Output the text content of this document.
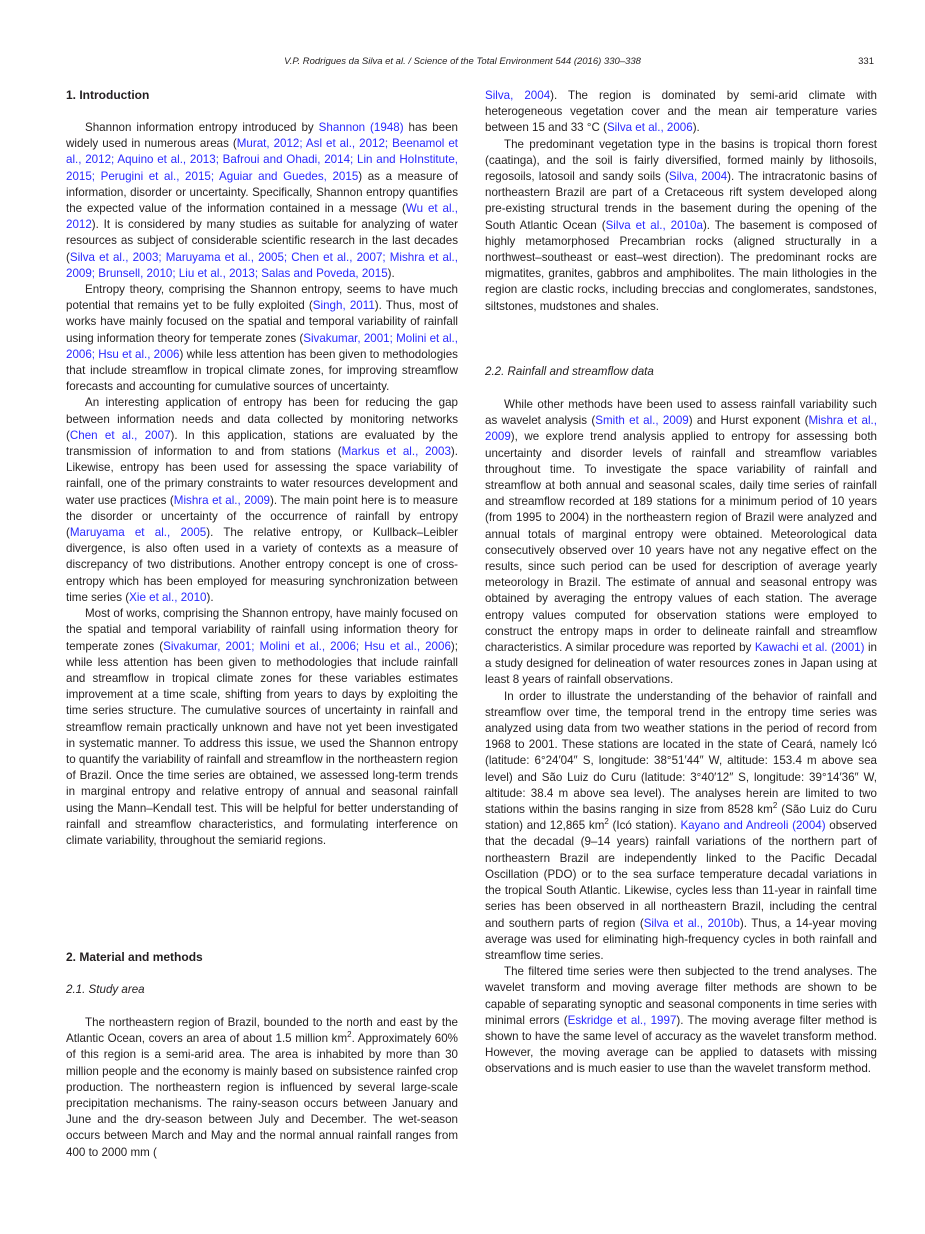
V.P. Rodrigues da Silva et al. / Science of the Total Environment 544 (2016) 330–338	331
1. Introduction

Shannon information entropy introduced by Shannon (1948) has been widely used in numerous areas (Murat, 2012; Asl et al., 2012; Beenamol et al., 2012; Aquino et al., 2013; Bafroui and Ohadi, 2014; Lin and HoInstitute, 2015; Perugini et al., 2015; Aguiar and Guedes, 2015) as a measure of information, disorder or uncertainty. Specifically, Shannon entropy quantifies the expected value of the information contained in a message (Wu et al., 2012). It is considered by many studies as suitable for analyzing of water resources as subject of considerable scientific research in the last decades (Silva et al., 2003; Maruyama et al., 2005; Chen et al., 2007; Mishra et al., 2009; Brunsell, 2010; Liu et al., 2013; Salas and Poveda, 2015).

Entropy theory, comprising the Shannon entropy, seems to have much potential that remains yet to be fully exploited (Singh, 2011). Thus, most of works have mainly focused on the spatial and temporal variability of rainfall using information theory for temperate zones (Sivakumar, 2001; Molini et al., 2006; Hsu et al., 2006) while less attention has been given to methodologies that include streamflow in tropical climate zones, for improving streamflow forecasts and accounting for cumulative sources of uncertainty.

An interesting application of entropy has been for reducing the gap between information needs and data collected by monitoring networks (Chen et al., 2007). In this application, stations are evaluated by the transmission of information to and from stations (Markus et al., 2003). Likewise, entropy has been used for assessing the space variability of rainfall, one of the primary constraints to water resources development and water use practices (Mishra et al., 2009). The main point here is to measure the disorder or uncertainty of the occurrence of rainfall by entropy (Maruyama et al., 2005). The relative entropy, or Kullback–Leibler divergence, is also often used in a variety of contexts as a measure of discrepancy of two distributions. Another entropy concept is one of cross-entropy which has been employed for measuring synchronization between time series (Xie et al., 2010).

Most of works, comprising the Shannon entropy, have mainly focused on the spatial and temporal variability of rainfall using information theory for temperate zones (Sivakumar, 2001; Molini et al., 2006; Hsu et al., 2006); while less attention has been given to methodologies that include rainfall and streamflow in tropical climate zones for these variables estimates improvement at a time scale, shifting from years to days by exploiting the time series structure. The cumulative sources of uncertainty in rainfall and streamflow remain practically unknown and have not yet been investigated in systematic manner. To address this issue, we used the Shannon entropy to quantify the variability of rainfall and streamflow in the northeastern region of Brazil. Once the time series are obtained, we assessed long-term trends in marginal entropy and relative entropy of annual and seasonal rainfall using the Mann–Kendall test. This will be helpful for better understanding of rainfall and streamflow characteristics, and formulating interference on climate variability, throughout the semiarid regions.

2. Material and methods
2.1. Study area

The northeastern region of Brazil, bounded to the north and east by the Atlantic Ocean, covers an area of about 1.5 million $km^2$. Approximately 60% of this region is a semi-arid area. The area is inhabited by more than 30 million people and the economy is mainly based on subsistence rainfed crop production. The northeastern region is influenced by several large-scale precipitation mechanisms. The rainy-season occurs between January and June and the dry-season between July and December. The wet-season occurs between March and May and the normal annual rainfall ranges from 400 to 2000 mm (

Silva, 2004). The region is dominated by semi-arid climate with heterogeneous vegetation cover and the mean air temperature varies between 15 and 33 °C (Silva et al., 2006).

The predominant vegetation type in the basins is tropical thorn forest (caatinga), and the soil is fairly diversified, formed mainly by lithosoils, regosoils, latosoil and sandy soils (Silva, 2004). The intracratonic basins of northeastern Brazil are part of a Cretaceous rift system developed along pre-existing structural trends in the basement during the opening of the South Atlantic Ocean (Silva et al., 2010a). The basement is composed of highly metamorphosed Precambrian rocks (aligned structurally in a northwest–southeast or east–west direction). The predominant rocks are migmatites, granites, gabbros and amphibolites. The main lithologies in the region are clastic rocks, including breccias and conglomerates, sandstones, siltstones, mudstones and shales.

2.2. Rainfall and streamflow data

While other methods have been used to assess rainfall variability such as wavelet analysis (Smith et al., 2009) and Hurst exponent (Mishra et al., 2009), we explore trend analysis applied to entropy for assessing both uncertainty and disorder levels of rainfall and streamflow variables throughout time. To investigate the space variability of rainfall and streamflow at both annual and seasonal scales, daily time series of rainfall and streamflow recorded at 189 stations for a minimum period of 10 years (from 1995 to 2004) in the northeastern region of Brazil were analyzed and annual totals of marginal entropy were obtained. Meteorological data consecutively observed over 10 years have not any negative effect on the results, since such period can be used for description of average yearly meteorology in Brazil. The estimate of annual and seasonal entropy was obtained by averaging the entropy values of each station. The average entropy values computed for observation stations were employed to construct the entropy maps in order to delineate rainfall and streamflow characteristics. A similar procedure was reported by Kawachi et al. (2001) in a study designed for delineation of water resources zones in Japan using at least 8 years of rainfall observations.

In order to illustrate the understanding of the behavior of rainfall and streamflow over time, the temporal trend in the entropy time series was analyzed using data from two weather stations in the period of record from 1968 to 2001. These stations are located in the state of Ceará, namely Icó (latitude: 6°24′04″ S, longitude: 38°51′44″ W, altitude: 153.4 m above sea level) and São Luiz do Curu (latitude: 3°40′12″ S, longitude: 39°14′36″ W, altitude: 38.4 m above sea level). The analyses herein are limited to two stations within the basins ranging in size from 8528 $km^2$ (São Luiz do Curu station) and 12,865 $km^2$ (Icó station). Kayano and Andreoli (2004) observed that the decadal (9–14 years) rainfall variations of the northern part of northeastern Brazil are independently linked to the Pacific Decadal Oscillation (PDO) or to the sea surface temperature decadal variations in the tropical South Atlantic. Likewise, cycles less than 11-year in rainfall time series has been observed in all northeastern Brazil, including the central and southern parts of region (Silva et al., 2010b). Thus, a 14-year moving average was used for eliminating high-frequency cycles in both rainfall and streamflow time series.

The filtered time series were then subjected to the trend analyses. The wavelet transform and moving average filter methods are shown to be capable of separating synoptic and seasonal components in time series with minimal errors (Eskridge et al., 1997). The moving average filter method is shown to have the same level of accuracy as the wavelet transform method. However, the moving average can be applied to datasets with missing observations and is much easier to use than the wavelet transform method.
